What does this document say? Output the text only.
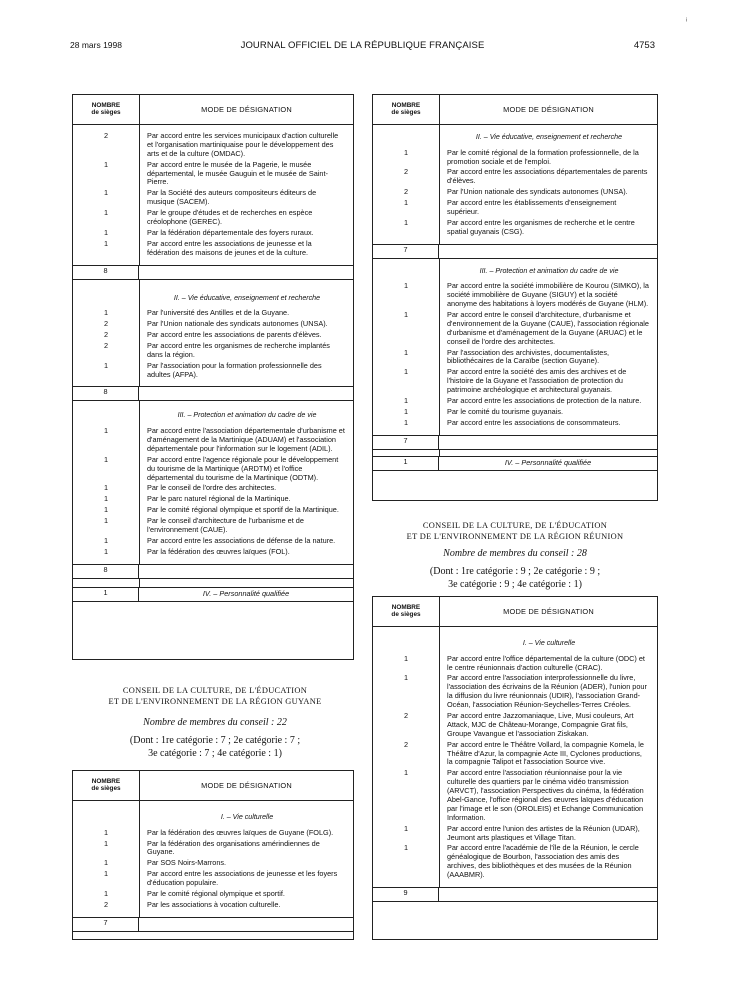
ᵢ
28 mars 1998	JOURNAL OFFICIEL DE LA RÉPUBLIQUE FRANÇAISE	4753
NOMBRE
de sièges	MODE DE DÉSIGNATION
2	Par accord entre les services municipaux d'action culturelle et l'organisation martiniquaise pour le développement des arts et de la culture (OMDAC).
1	Par accord entre le musée de la Pagerie, le musée départemental, le musée Gauguin et le musée de Saint-Pierre.
1	Par la Société des auteurs compositeurs éditeurs de musique (SACEM).
1	Par le groupe d'études et de recherches en espèce créolophone (GEREC).
1	Par la fédération départementale des foyers ruraux.
1	Par accord entre les associations de jeunesse et la fédération des maisons de jeunes et de la culture.
8
II. – Vie éducative, enseignement et recherche
1	Par l'université des Antilles et de la Guyane.
2	Par l'Union nationale des syndicats autonomes (UNSA).
2	Par accord entre les associations de parents d'élèves.
2	Par accord entre les organismes de recherche implantés dans la région.
1	Par l'association pour la formation professionnelle des adultes (AFPA).
8
III. – Protection et animation du cadre de vie
1	Par accord entre l'association départementale d'urbanisme et d'aménagement de la Martinique (ADUAM) et l'association départementale pour l'information sur le logement (ADIL).
1	Par accord entre l'agence régionale pour le développement du tourisme de la Martinique (ARDTM) et l'office départemental du tourisme de la Martinique (ODTM).
1	Par le conseil de l'ordre des architectes.
1	Par le parc naturel régional de la Martinique.
1	Par le comité régional olympique et sportif de la Martinique.
1	Par le conseil d'architecture de l'urbanisme et de l'environnement (CAUE).
1	Par accord entre les associations de défense de la nature.
1	Par la fédération des œuvres laïques (FOL).
8
1	IV. – Personnalité qualifiée
CONSEIL DE LA CULTURE, DE L'ÉDUCATION
ET DE L'ENVIRONNEMENT DE LA RÉGION GUYANE
Nombre de membres du conseil : 22
(Dont : 1re catégorie : 7 ; 2e catégorie : 7 ;
3e catégorie : 7 ; 4e catégorie : 1)
NOMBRE
de sièges	MODE DE DÉSIGNATION
I. – Vie culturelle
1	Par la fédération des œuvres laïques de Guyane (FOLG).
1	Par la fédération des organisations amérindiennes de Guyane.
1	Par SOS Noirs-Marrons.
1	Par accord entre les associations de jeunesse et les foyers d'éducation populaire.
1	Par le comité régional olympique et sportif.
2	Par les associations à vocation culturelle.
7
NOMBRE
de sièges	MODE DE DÉSIGNATION
II. – Vie éducative, enseignement et recherche
1	Par le comité régional de la formation professionnelle, de la promotion sociale et de l'emploi.
2	Par accord entre les associations départementales de parents d'élèves.
2	Par l'Union nationale des syndicats autonomes (UNSA).
1	Par accord entre les établissements d'enseignement supérieur.
1	Par accord entre les organismes de recherche et le centre spatial guyanais (CSG).
7
III. – Protection et animation du cadre de vie
1	Par accord entre la société immobilière de Kourou (SIMKO), la société immobilière de Guyane (SIGUY) et la société anonyme des habitations à loyers modérés de Guyane (HLM).
1	Par accord entre le conseil d'architecture, d'urbanisme et d'environnement de la Guyane (CAUE), l'association régionale d'urbanisme et d'aménagement de la Guyane (ARUAC) et le conseil de l'ordre des architectes.
1	Par l'association des archivistes, documentalistes, bibliothécaires de la Caraïbe (section Guyane).
1	Par accord entre la société des amis des archives et de l'histoire de la Guyane et l'association de protection du patrimoine archéologique et architectural guyanais.
1	Par accord entre les associations de protection de la nature.
1	Par le comité du tourisme guyanais.
1	Par accord entre les associations de consommateurs.
7
1	IV. – Personnalité qualifiée
CONSEIL DE LA CULTURE, DE L'ÉDUCATION
ET DE L'ENVIRONNEMENT DE LA RÉGION RÉUNION
Nombre de membres du conseil : 28
(Dont : 1re catégorie : 9 ; 2e catégorie : 9 ;
3e catégorie : 9 ; 4e catégorie : 1)
NOMBRE
de sièges	MODE DE DÉSIGNATION
I. – Vie culturelle
1	Par accord entre l'office départemental de la culture (ODC) et le centre réunionnais d'action culturelle (CRAC).
1	Par accord entre l'association interprofessionnelle du livre, l'association des écrivains de la Réunion (ADER), l'union pour la diffusion du livre réunionnais (UDIR), l'association Grand-Océan, l'association Réunion-Seychelles-Terres Créoles.
2	Par accord entre Jazzomaniaque, Live, Musi couleurs, Art Attack, MJC de Château-Morange, Compagnie Grat fils, Groupe Vavangue et l'association Ziskakan.
2	Par accord entre le Théâtre Vollard, la compagnie Komela, le Théâtre d'Azur, la compagnie Acte III, Cyclones productions, la compagnie Talipot et l'association Source vive.
1	Par accord entre l'association réunionnaise pour la vie culturelle des quartiers par le cinéma vidéo transmission (ARVCT), l'association Perspectives du cinéma, la fédération Abel-Gance, l'office régional des œuvres laïques d'éducation par l'image et le son (OROLEIS) et Echange Communication Information.
1	Par accord entre l'union des artistes de la Réunion (UDAR), Jeumont arts plastiques et Village Titan.
1	Par accord entre l'académie de l'île de la Réunion, le cercle généalogique de Bourbon, l'association des amis des archives, des bibliothèques et des musées de la Réunion (AAABMR).
9
